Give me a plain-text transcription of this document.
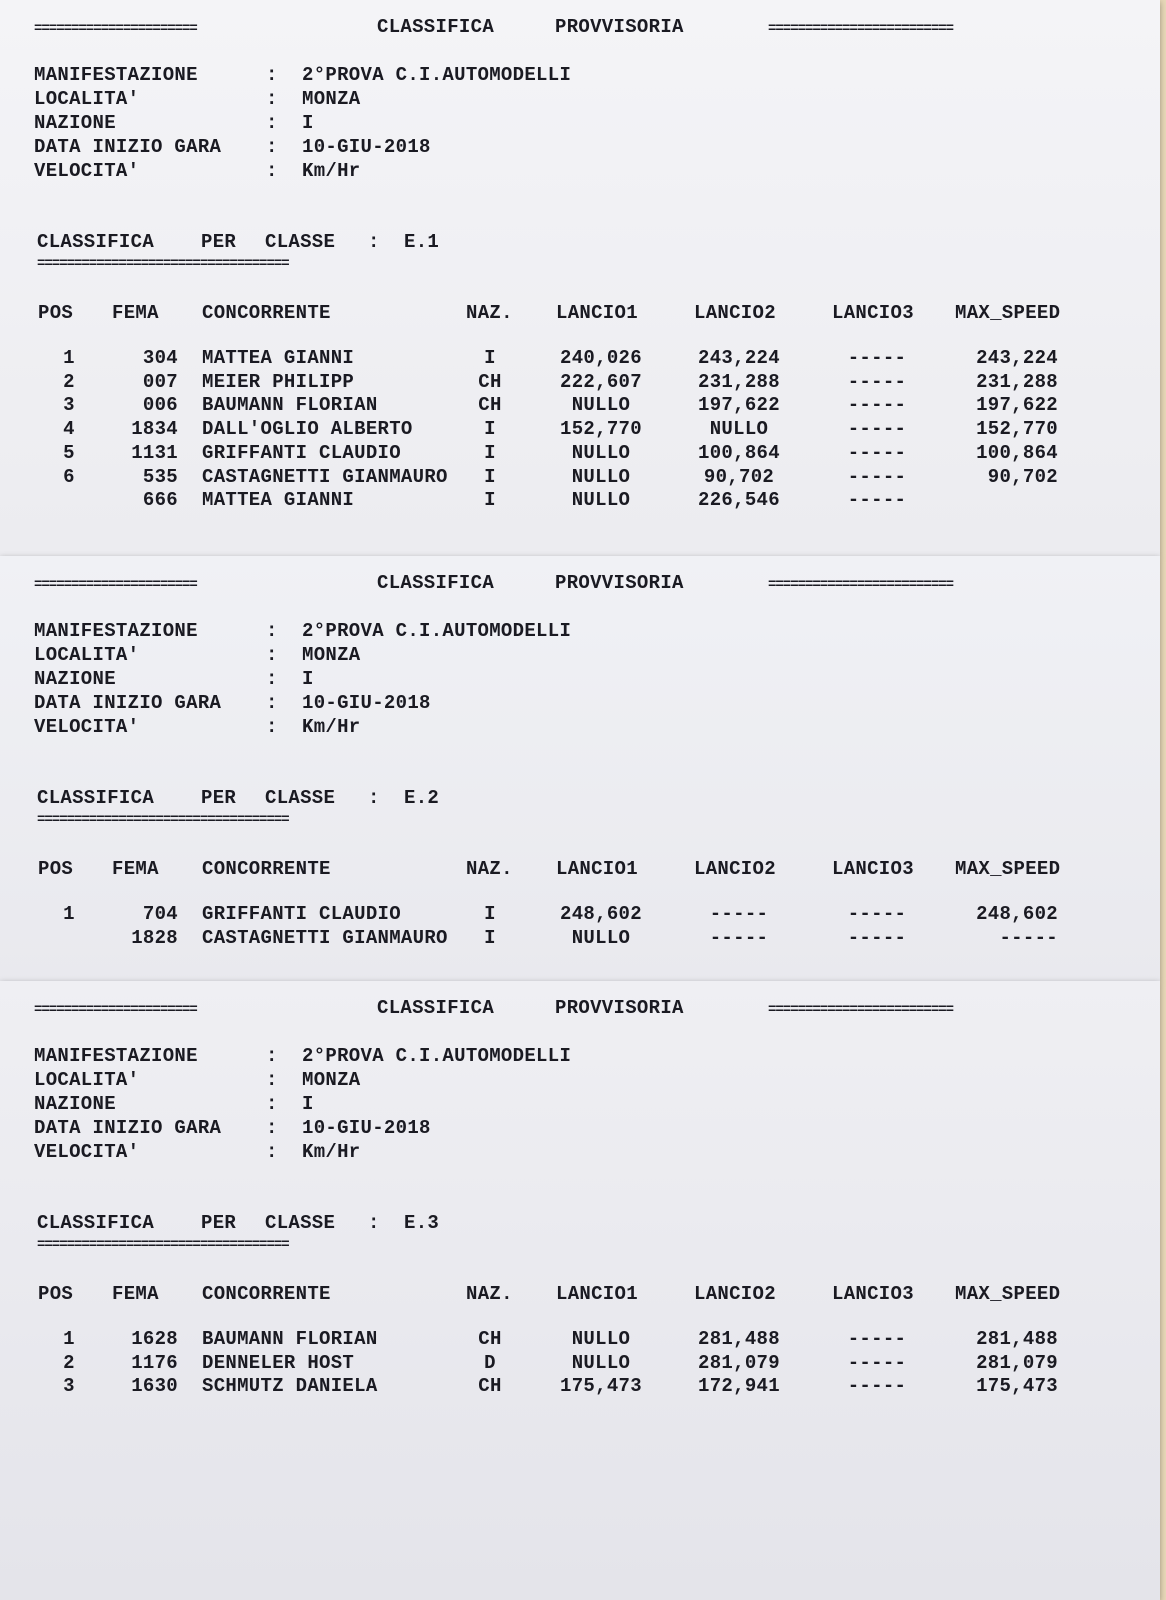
======================	CLASSIFICA	PROVVISORIA	=========================
MANIFESTAZIONE	: 2°PROVA C.I.AUTOMODELLI
LOCALITA'	: MONZA
NAZIONE	: I
DATA INIZIO GARA : 10-GIU-2018
VELOCITA'	: Km/Hr
CLASSIFICA PER CLASSE : E.1
==================================
POS FEMA CONCORRENTE	NAZ. LANCIO1	LANCIO2	LANCIO3 MAX_SPEED
1	304 MATTEA GIANNI	I	240,026	243,224	-----	243,224
2	007 MEIER PHILIPP	CH	222,607	231,288	-----	231,288
3	006 BAUMANN FLORIAN	CH	NULLO	197,622	-----	197,622
4	1834 DALL'OGLIO ALBERTO	I	152,770	NULLO	-----	152,770
5	1131 GRIFFANTI CLAUDIO	I	NULLO	100,864	-----	100,864
6	535 CASTAGNETTI GIANMAURO	I	NULLO	90,702	-----	90,702
666 MATTEA GIANNI	I	NULLO	226,546	-----
======================	CLASSIFICA	PROVVISORIA	=========================
MANIFESTAZIONE	: 2°PROVA C.I.AUTOMODELLI
LOCALITA'	: MONZA
NAZIONE	: I
DATA INIZIO GARA : 10-GIU-2018
VELOCITA'	: Km/Hr
CLASSIFICA PER CLASSE : E.2
==================================
POS FEMA CONCORRENTE	NAZ. LANCIO1	LANCIO2	LANCIO3 MAX_SPEED
1	704 GRIFFANTI CLAUDIO	I	248,602	-----	-----	248,602
1828 CASTAGNETTI GIANMAURO	I	NULLO	-----	-----	-----
======================	CLASSIFICA	PROVVISORIA	=========================
MANIFESTAZIONE	: 2°PROVA C.I.AUTOMODELLI
LOCALITA'	: MONZA
NAZIONE	: I
DATA INIZIO GARA : 10-GIU-2018
VELOCITA'	: Km/Hr
CLASSIFICA PER CLASSE : E.3
==================================
POS FEMA CONCORRENTE	NAZ. LANCIO1	LANCIO2	LANCIO3 MAX_SPEED
1	1628 BAUMANN FLORIAN	CH	NULLO	281,488	-----	281,488
2	1176 DENNELER HOST	D	NULLO	281,079	-----	281,079
3	1630 SCHMUTZ DANIELA	CH	175,473	172,941	-----	175,473
